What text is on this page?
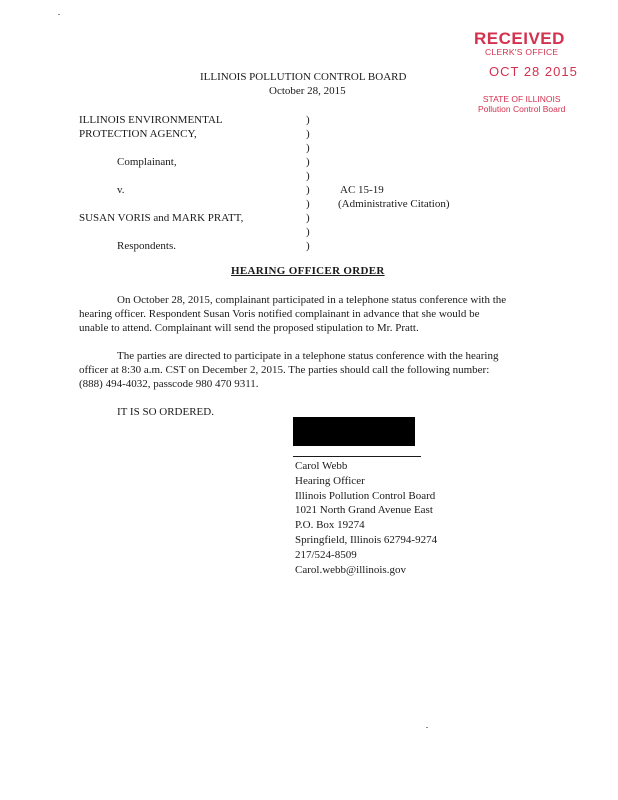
RECEIVED
CLERK'S OFFICE
OCT 28 2015
STATE OF ILLINOIS
Pollution Control Board
ILLINOIS POLLUTION CONTROL BOARD
October 28, 2015
ILLINOIS ENVIRONMENTAL
PROTECTION AGENCY,
Complainant,
v.
SUSAN VORIS and MARK PRATT,
Respondents.
)
)
)
)
)
)
)
)
)
)
AC 15-19
(Administrative Citation)
HEARING OFFICER ORDER
On October 28, 2015, complainant participated in a telephone status conference with the
hearing officer. Respondent Susan Voris notified complainant in advance that she would be
unable to attend. Complainant will send the proposed stipulation to Mr. Pratt.
The parties are directed to participate in a telephone status conference with the hearing
officer at 8:30 a.m. CST on December 2, 2015. The parties should call the following number:
(888) 494-4032, passcode 980 470 9311.
IT IS SO ORDERED.
Carol Webb
Hearing Officer
Illinois Pollution Control Board
1021 North Grand Avenue East
P.O. Box 19274
Springfield, Illinois 62794-9274
217/524-8509
Carol.webb@illinois.gov
